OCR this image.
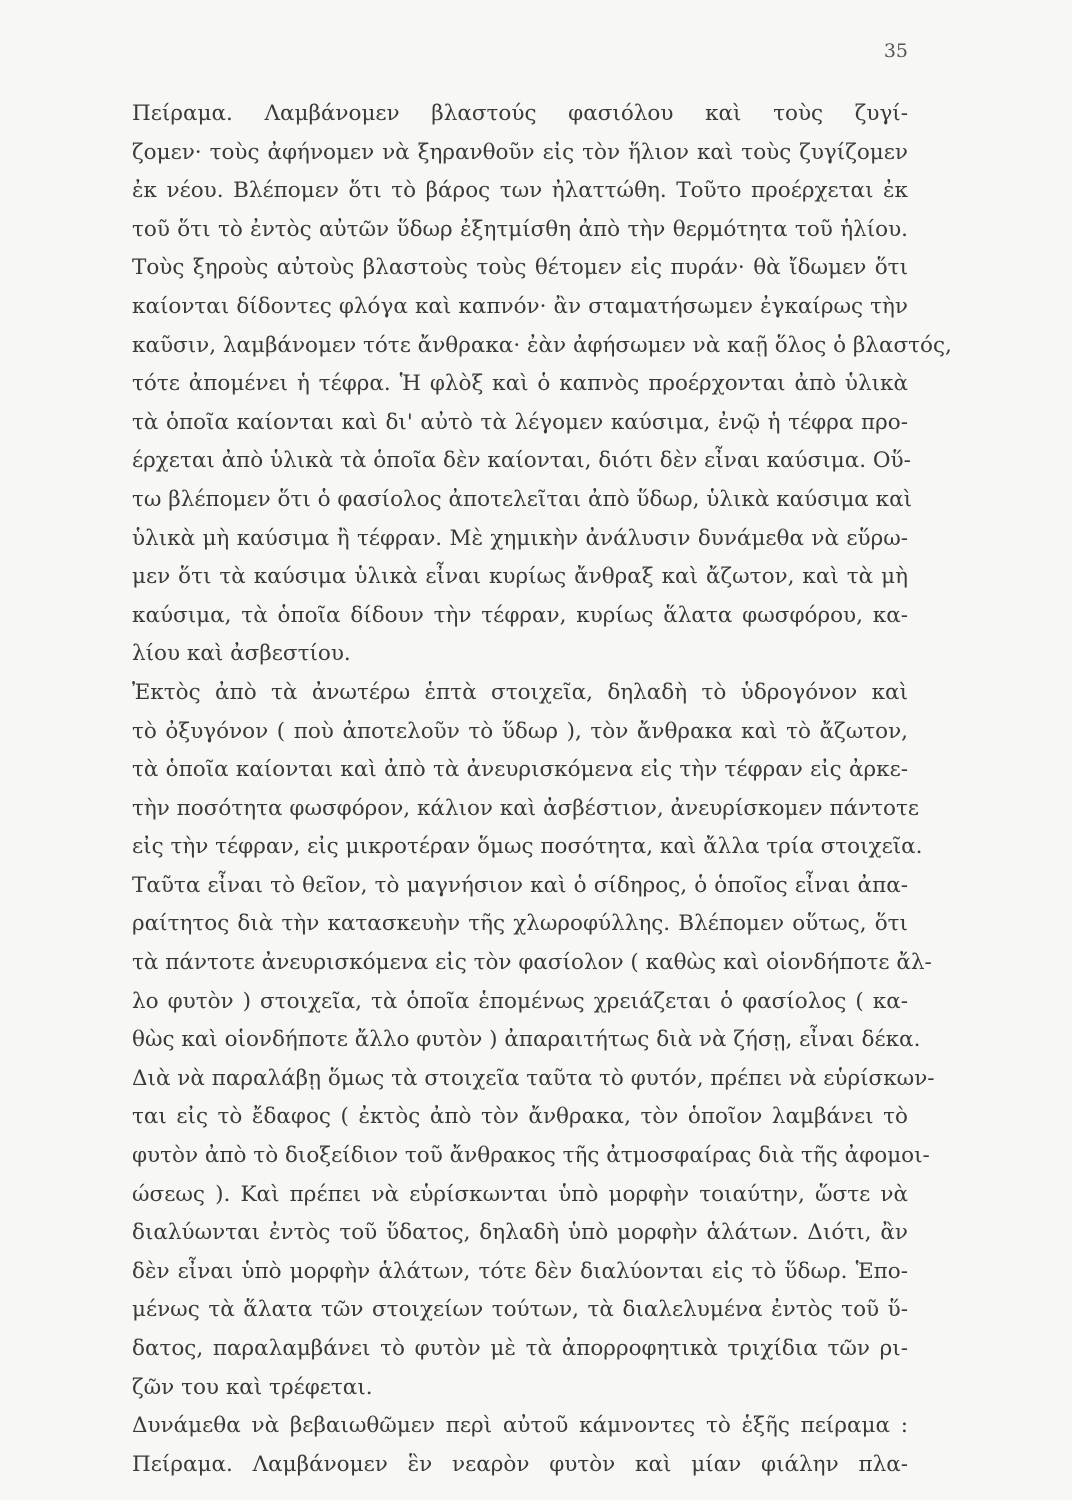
35
Πείραμα. Λαμβάνομεν βλαστούς φασιόλου καὶ τοὺς ζυγί-
ζομεν· τοὺς ἀφήνομεν νὰ ξηρανθοῦν εἰς τὸν ἥλιον καὶ τοὺς ζυγίζομεν
ἐκ νέου. Βλέπομεν ὅτι τὸ βάρος των ἠλαττώθη. Τοῦτο προέρχεται ἐκ
τοῦ ὅτι τὸ ἐντὸς αὐτῶν ὕδωρ ἐξητμίσθη ἀπὸ τὴν θερμότητα τοῦ ἡλίου.
Τοὺς ξηροὺς αὐτοὺς βλαστοὺς τοὺς θέτομεν εἰς πυράν· θὰ ἴδωμεν ὅτι
καίονται δίδοντες φλόγα καὶ καπνόν· ἂν σταματήσωμεν ἐγκαίρως τὴν
καῦσιν, λαμβάνομεν τότε ἄνθρακα· ἐὰν ἀφήσωμεν νὰ καῇ ὅλος ὁ βλαστός,
τότε ἀπομένει ἡ τέφρα. Ἡ φλὸξ καὶ ὁ καπνὸς προέρχονται ἀπὸ ὑλικὰ
τὰ ὁποῖα καίονται καὶ δι' αὐτὸ τὰ λέγομεν καύσιμα, ἐνῷ ἡ τέφρα προ-
έρχεται ἀπὸ ὑλικὰ τὰ ὁποῖα δὲν καίονται, διότι δὲν εἶναι καύσιμα. Οὕ-
τω βλέπομεν ὅτι ὁ φασίολος ἀποτελεῖται ἀπὸ ὕδωρ, ὑλικὰ καύσιμα καὶ
ὑλικὰ μὴ καύσιμα ἢ τέφραν. Μὲ χημικὴν ἀνάλυσιν δυνάμεθα νὰ εὕρω-
μεν ὅτι τὰ καύσιμα ὑλικὰ εἶναι κυρίως ἄνθραξ καὶ ἄζωτον, καὶ τὰ μὴ
καύσιμα, τὰ ὁποῖα δίδουν τὴν τέφραν, κυρίως ἅλατα φωσφόρου, κα-
λίου καὶ ἀσβεστίου.
Ἐκτὸς ἀπὸ τὰ ἀνωτέρω ἑπτὰ στοιχεῖα, δηλαδὴ τὸ ὑδρογόνον καὶ
τὸ ὀξυγόνον ( ποὺ ἀποτελοῦν τὸ ὕδωρ ), τὸν ἄνθρακα καὶ τὸ ἄζωτον,
τὰ ὁποῖα καίονται καὶ ἀπὸ τὰ ἀνευρισκόμενα εἰς τὴν τέφραν εἰς ἀρκε-
τὴν ποσότητα φωσφόρον, κάλιον καὶ ἀσβέστιον, ἀνευρίσκομεν πάντοτε
εἰς τὴν τέφραν, εἰς μικροτέραν ὅμως ποσότητα, καὶ ἄλλα τρία στοιχεῖα.
Ταῦτα εἶναι τὸ θεῖον, τὸ μαγνήσιον καὶ ὁ σίδηρος, ὁ ὁποῖος εἶναι ἀπα-
ραίτητος διὰ τὴν κατασκευὴν τῆς χλωροφύλλης. Βλέπομεν οὕτως, ὅτι
τὰ πάντοτε ἀνευρισκόμενα εἰς τὸν φασίολον ( καθὼς καὶ οἱονδήποτε ἄλ-
λο φυτὸν ) στοιχεῖα, τὰ ὁποῖα ἑπομένως χρειάζεται ὁ φασίολος ( κα-
θὼς καὶ οἱονδήποτε ἄλλο φυτὸν ) ἀπαραιτήτως διὰ νὰ ζήσῃ, εἶναι δέκα.
Διὰ νὰ παραλάβῃ ὅμως τὰ στοιχεῖα ταῦτα τὸ φυτόν, πρέπει νὰ εὑρίσκων-
ται εἰς τὸ ἔδαφος ( ἐκτὸς ἀπὸ τὸν ἄνθρακα, τὸν ὁποῖον λαμβάνει τὸ
φυτὸν ἀπὸ τὸ διοξείδιον τοῦ ἄνθρακος τῆς ἀτμοσφαίρας διὰ τῆς ἀφομοι-
ώσεως ). Καὶ πρέπει νὰ εὑρίσκωνται ὑπὸ μορφὴν τοιαύτην, ὥστε νὰ
διαλύωνται ἐντὸς τοῦ ὕδατος, δηλαδὴ ὑπὸ μορφὴν ἁλάτων. Διότι, ἂν
δὲν εἶναι ὑπὸ μορφὴν ἁλάτων, τότε δὲν διαλύονται εἰς τὸ ὕδωρ. Ἑπο-
μένως τὰ ἅλατα τῶν στοιχείων τούτων, τὰ διαλελυμένα ἐντὸς τοῦ ὕ-
δατος, παραλαμβάνει τὸ φυτὸν μὲ τὰ ἀπορροφητικὰ τριχίδια τῶν ρι-
ζῶν του καὶ τρέφεται.
Δυνάμεθα νὰ βεβαιωθῶμεν περὶ αὐτοῦ κάμνοντες τὸ ἑξῆς πείραμα :
Πείραμα. Λαμβάνομεν ἓν νεαρὸν φυτὸν καὶ μίαν φιάλην πλα-
